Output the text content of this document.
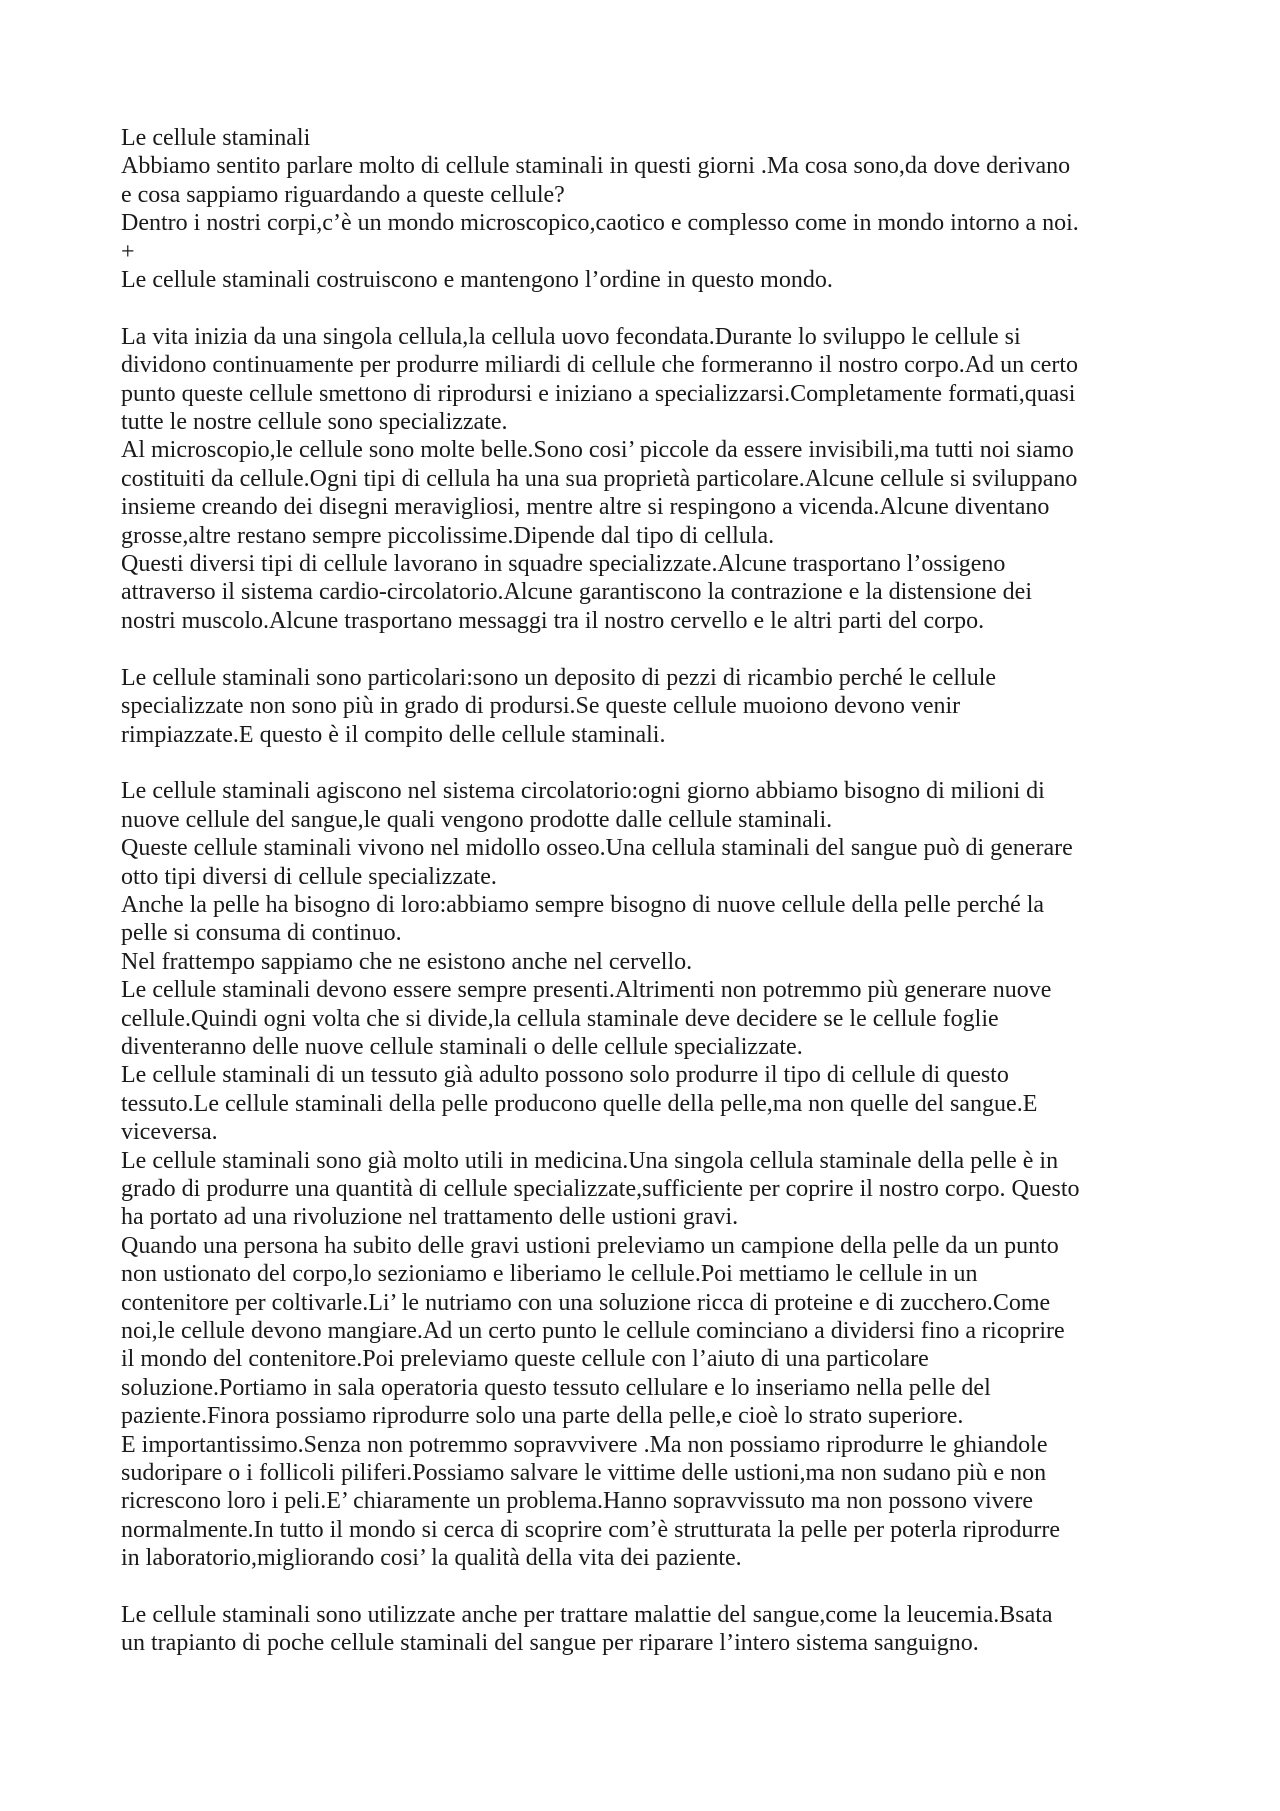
Le cellule staminali
Abbiamo sentito parlare molto di cellule staminali in questi giorni .Ma cosa sono,da dove derivano
e cosa sappiamo riguardando a queste cellule?
Dentro i nostri corpi,c’è un mondo microscopico,caotico e complesso come in mondo intorno a noi.
+
Le cellule staminali costruiscono e mantengono l’ordine in questo mondo.
La vita inizia da una singola cellula,la cellula uovo fecondata.Durante lo sviluppo le cellule si
dividono continuamente per produrre miliardi di cellule che formeranno il nostro corpo.Ad un certo
punto queste cellule smettono di riprodursi e iniziano a specializzarsi.Completamente formati,quasi
tutte le nostre cellule sono specializzate.
Al microscopio,le cellule sono molte belle.Sono cosi’ piccole da essere invisibili,ma tutti noi siamo
costituiti da cellule.Ogni tipi di cellula ha una sua proprietà particolare.Alcune cellule si sviluppano
insieme creando dei disegni meravigliosi, mentre altre si respingono a vicenda.Alcune diventano
grosse,altre restano sempre piccolissime.Dipende dal tipo di cellula.
Questi diversi tipi di cellule lavorano in squadre specializzate.Alcune trasportano l’ossigeno
attraverso il sistema cardio-circolatorio.Alcune garantiscono la contrazione e la distensione dei
nostri muscolo.Alcune trasportano messaggi tra il nostro cervello e le altri parti del corpo.
Le cellule staminali sono particolari:sono un deposito di pezzi di ricambio perché le cellule
specializzate non sono più in grado di prodursi.Se queste cellule muoiono devono venir
rimpiazzate.E questo è il compito delle cellule staminali.
Le cellule staminali agiscono nel sistema circolatorio:ogni giorno abbiamo bisogno di milioni di
nuove cellule del sangue,le quali vengono prodotte dalle cellule staminali.
Queste cellule staminali vivono nel midollo osseo.Una cellula staminali del sangue può di generare
otto tipi diversi di cellule specializzate.
Anche la pelle ha bisogno di loro:abbiamo sempre bisogno di nuove cellule della pelle perché la
pelle si consuma di continuo.
Nel frattempo sappiamo che ne esistono anche nel cervello.
Le cellule staminali devono essere sempre presenti.Altrimenti non potremmo più generare nuove
cellule.Quindi ogni volta che si divide,la cellula staminale deve decidere se le cellule foglie
diventeranno delle nuove cellule staminali o delle cellule specializzate.
Le cellule staminali di un tessuto già adulto possono solo produrre il tipo di cellule di questo
tessuto.Le cellule staminali della pelle producono quelle della pelle,ma non quelle del sangue.E
viceversa.
Le cellule staminali sono già molto utili in medicina.Una singola cellula staminale della pelle è in
grado di produrre una quantità di cellule specializzate,sufficiente per coprire il nostro corpo. Questo
ha portato ad una rivoluzione nel trattamento delle ustioni gravi.
Quando una persona ha subito delle gravi ustioni preleviamo un campione della pelle da un punto
non ustionato del corpo,lo sezioniamo e liberiamo le cellule.Poi mettiamo le cellule in un
contenitore per coltivarle.Li’ le nutriamo con una soluzione ricca di proteine e di zucchero.Come
noi,le cellule devono mangiare.Ad un certo punto le cellule cominciano a dividersi fino a ricoprire
il mondo del contenitore.Poi preleviamo queste cellule con l’aiuto di una particolare
soluzione.Portiamo in sala operatoria questo tessuto cellulare e lo inseriamo nella pelle del
paziente.Finora possiamo riprodurre solo una parte della pelle,e cioè lo strato superiore.
E importantissimo.Senza non potremmo sopravvivere .Ma non possiamo riprodurre le ghiandole
sudoripare o i follicoli piliferi.Possiamo salvare le vittime delle ustioni,ma non sudano più e non
ricrescono loro i peli.E’ chiaramente un problema.Hanno sopravvissuto ma non possono vivere
normalmente.In tutto il mondo si cerca di scoprire com’è strutturata la pelle per poterla riprodurre
in laboratorio,migliorando cosi’ la qualità della vita dei paziente.
Le cellule staminali sono utilizzate anche per trattare malattie del sangue,come la leucemia.Bsata
un trapianto di poche cellule staminali del sangue per riparare l’intero sistema sanguigno.
